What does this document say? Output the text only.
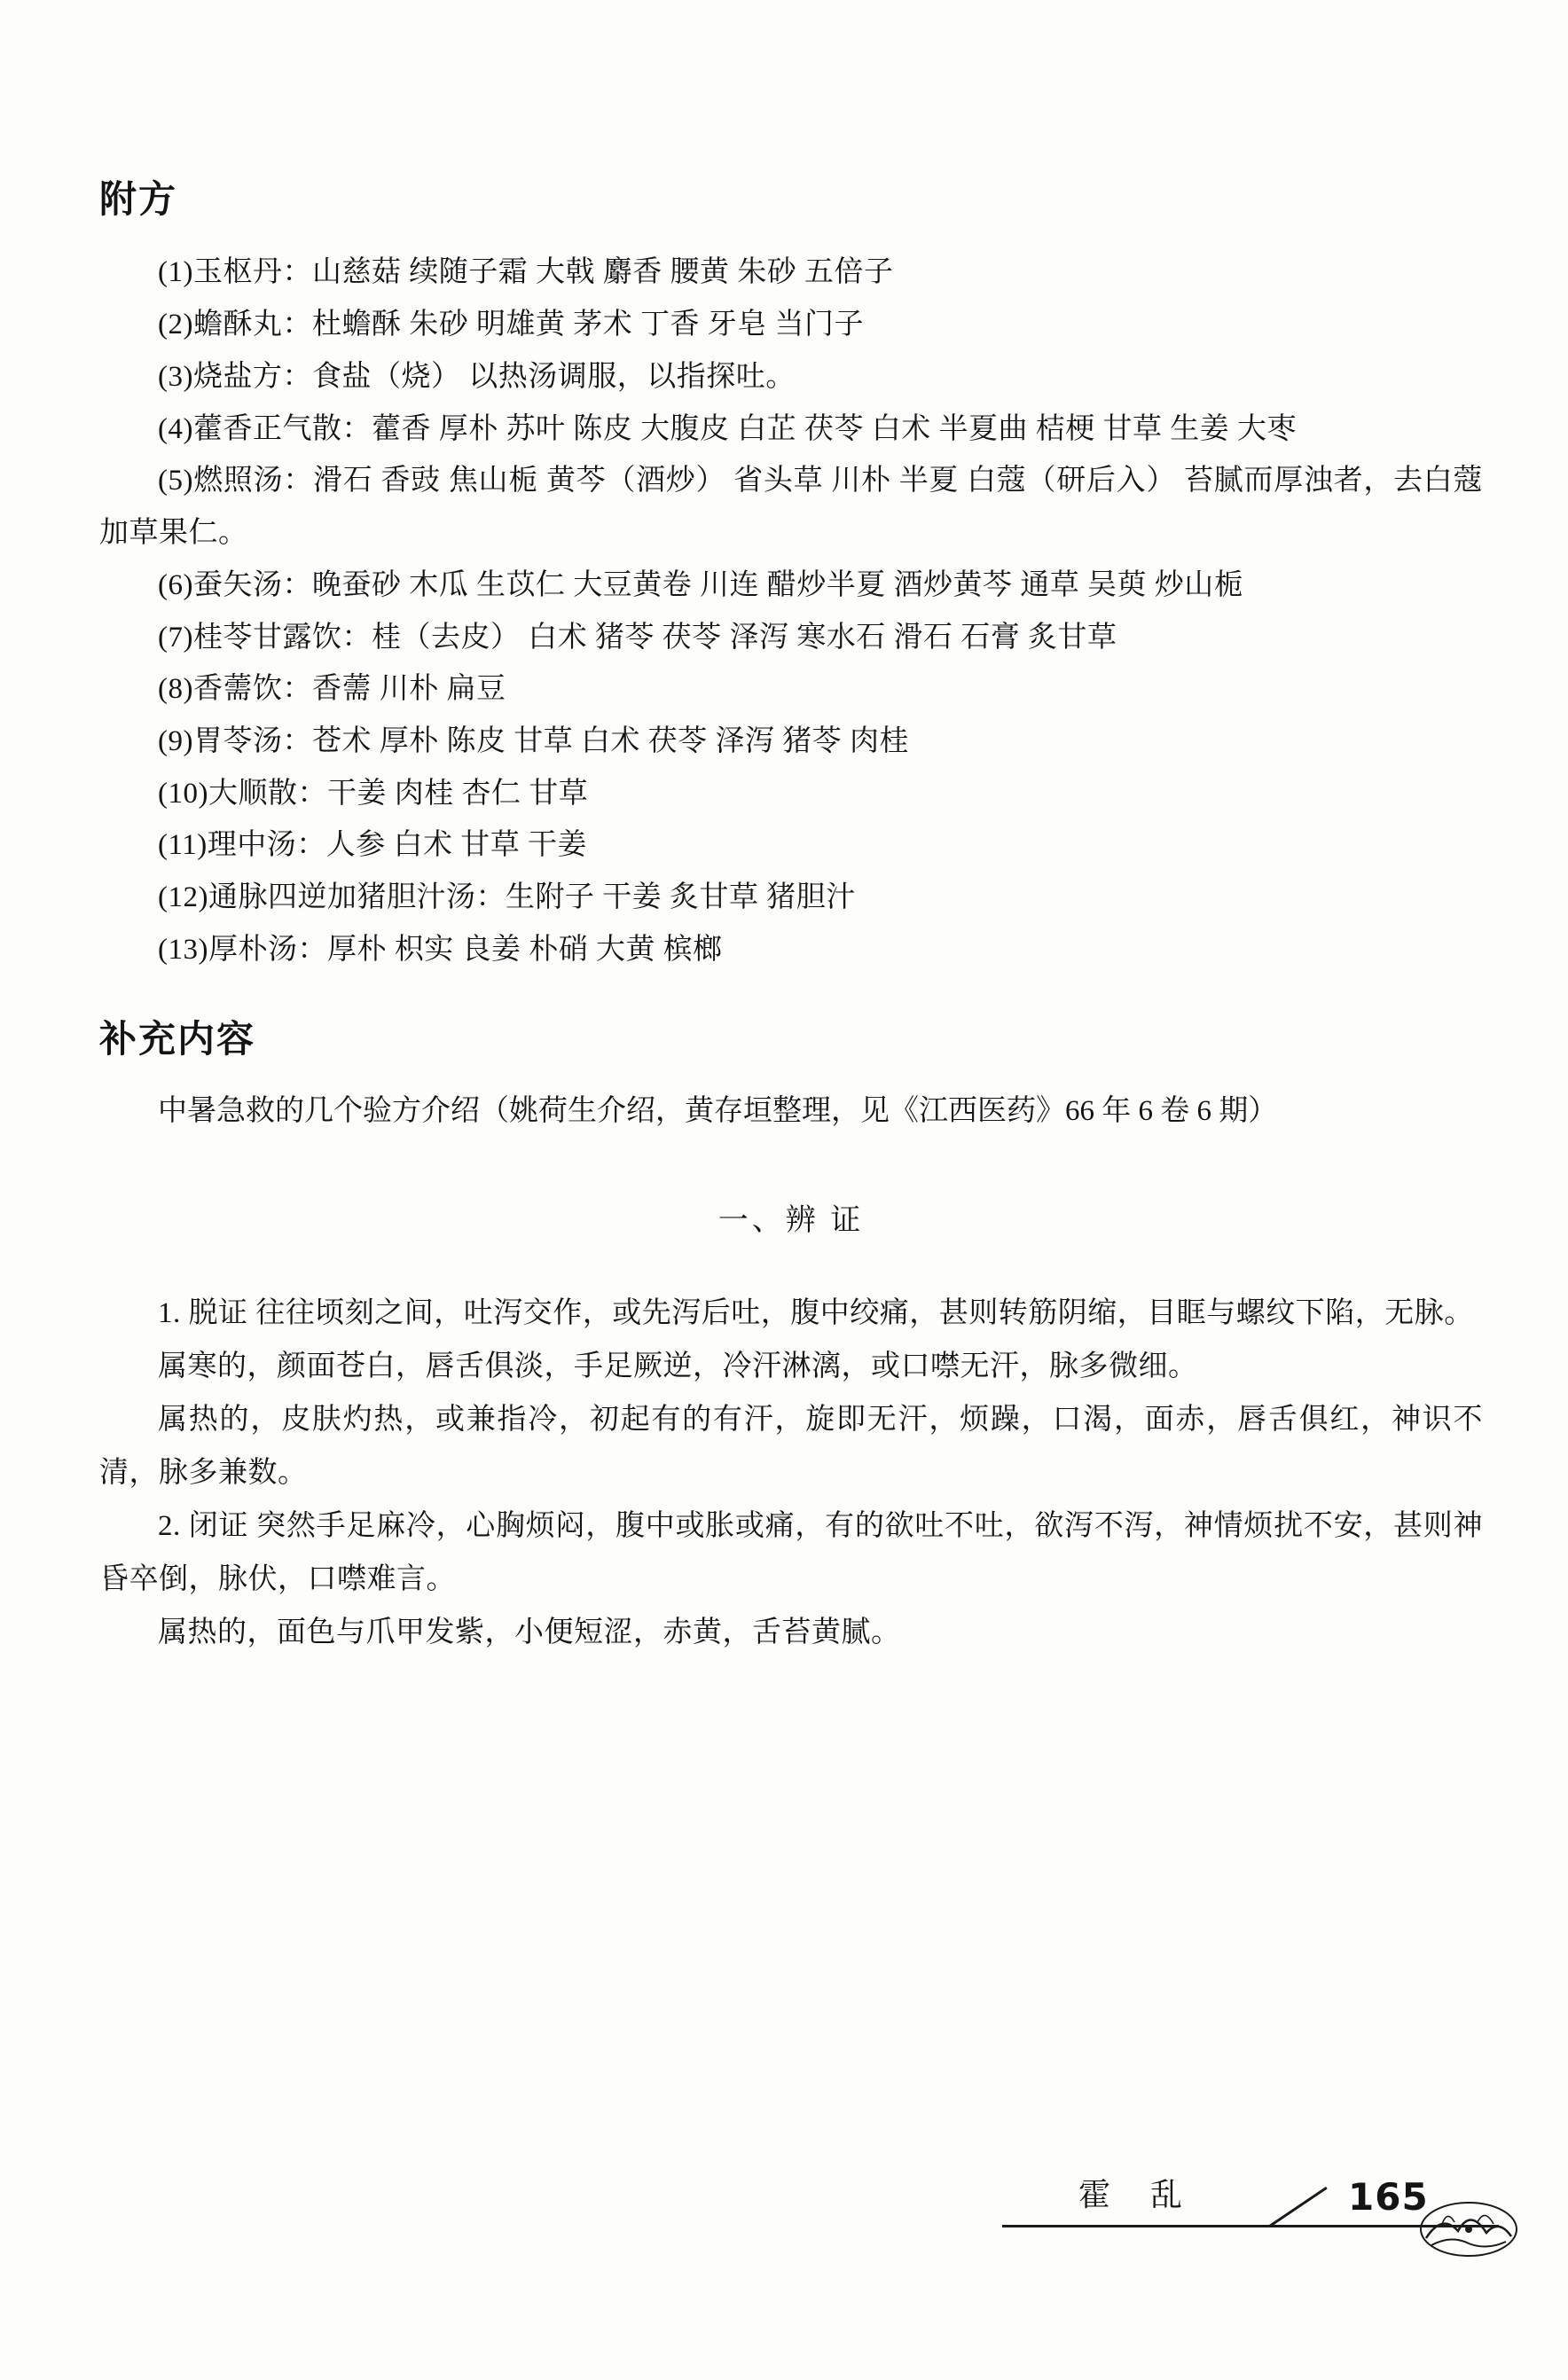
附方

(1)玉枢丹：山慈菇 续随子霜 大戟 麝香 腰黄 朱砂 五倍子

(2)蟾酥丸：杜蟾酥 朱砂 明雄黄 茅术 丁香 牙皂 当门子

(3)烧盐方：食盐（烧） 以热汤调服，以指探吐。

(4)藿香正气散：藿香 厚朴 苏叶 陈皮 大腹皮 白芷 茯苓 白术 半夏曲 桔梗 甘草 生姜 大枣

(5)燃照汤：滑石 香豉 焦山栀 黄芩（酒炒） 省头草 川朴 半夏 白蔻（研后入） 苔腻而厚浊者，去白蔻加草果仁。

(6)蚕矢汤：晚蚕砂 木瓜 生苡仁 大豆黄卷 川连 醋炒半夏 酒炒黄芩 通草 吴萸 炒山栀

(7)桂苓甘露饮：桂（去皮） 白术 猪苓 茯苓 泽泻 寒水石 滑石 石膏 炙甘草

(8)香薷饮：香薷 川朴 扁豆

(9)胃苓汤：苍术 厚朴 陈皮 甘草 白术 茯苓 泽泻 猪苓 肉桂

(10)大顺散：干姜 肉桂 杏仁 甘草

(11)理中汤：人参 白术 甘草 干姜

(12)通脉四逆加猪胆汁汤：生附子 干姜 炙甘草 猪胆汁

(13)厚朴汤：厚朴 枳实 良姜 朴硝 大黄 槟榔

补充内容

中暑急救的几个验方介绍（姚荷生介绍，黄存垣整理，见《江西医药》66 年 6 卷 6 期）

一、辨 证

1. 脱证 往往顷刻之间，吐泻交作，或先泻后吐，腹中绞痛，甚则转筋阴缩，目眶与螺纹下陷，无脉。

属寒的，颜面苍白，唇舌俱淡，手足厥逆，冷汗淋漓，或口噤无汗，脉多微细。

属热的，皮肤灼热，或兼指冷，初起有的有汗，旋即无汗，烦躁，口渴，面赤，唇舌俱红，神识不清，脉多兼数。

2. 闭证 突然手足麻冷，心胸烦闷，腹中或胀或痛，有的欲吐不吐，欲泻不泻，神情烦扰不安，甚则神昏卒倒，脉伏，口噤难言。

属热的，面色与爪甲发紫，小便短涩，赤黄，舌苔黄腻。

霍 乱	165
